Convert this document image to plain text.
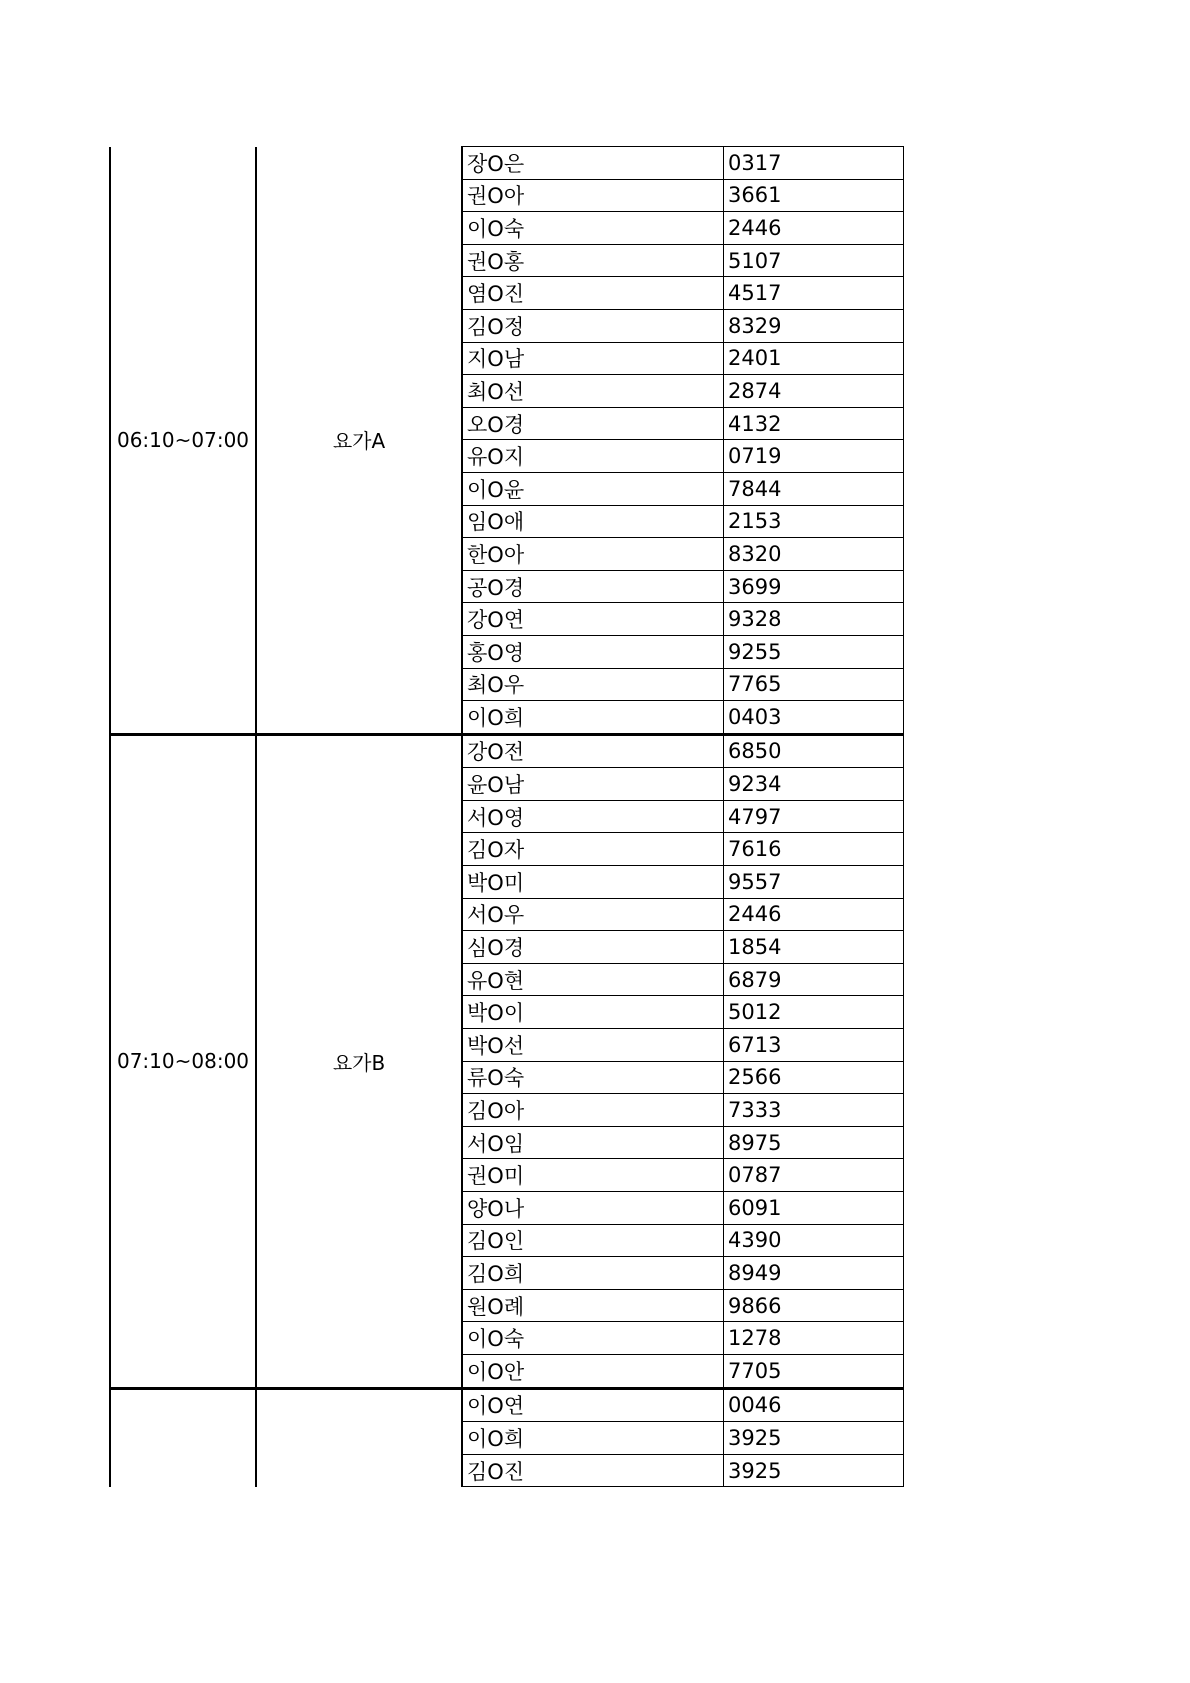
06:10~07:00	요가A	장O은	0317
		권O아	3661
		이O숙	2446
		권O홍	5107
		염O진	4517
		김O정	8329
		지O남	2401
		최O선	2874
		오O경	4132
		유O지	0719
		이O윤	7844
		임O애	2153
		한O아	8320
		공O경	3699
		강O연	9328
		홍O영	9255
		최O우	7765
		이O희	0403
07:10~08:00	요가B	강O전	6850
		윤O남	9234
		서O영	4797
		김O자	7616
		박O미	9557
		서O우	2446
		심O경	1854
		유O현	6879
		박O이	5012
		박O선	6713
		류O숙	2566
		김O아	7333
		서O임	8975
		권O미	0787
		양O나	6091
		김O인	4390
		김O희	8949
		원O례	9866
		이O숙	1278
		이O안	7705
		이O연	0046
		이O희	3925
		김O진	3925
